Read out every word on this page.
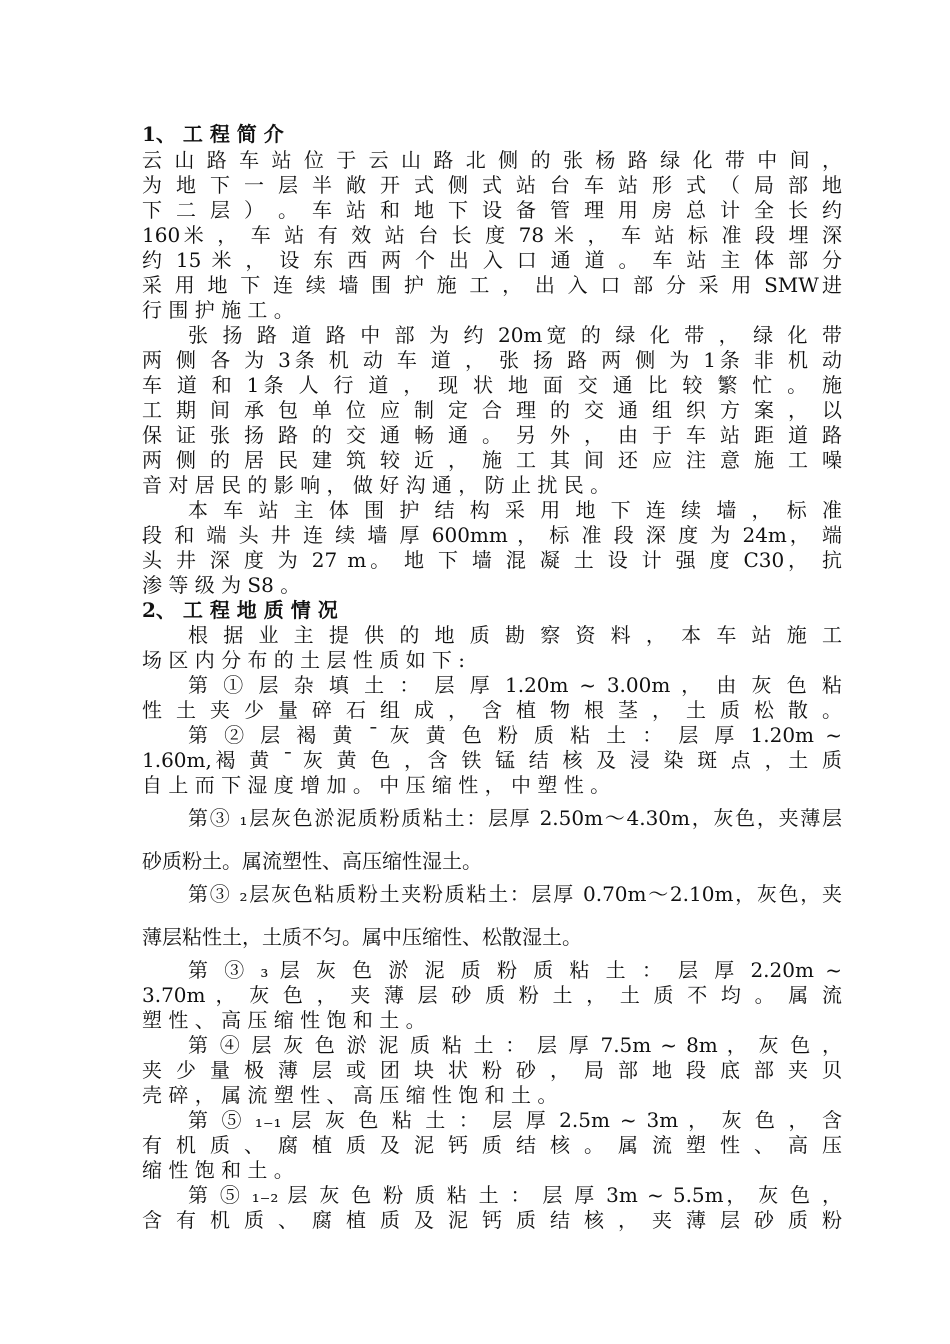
1、 工 程 简 介
云 山 路 车 站 位 于 云 山 路 北 侧 的 张 杨 路 绿 化 带 中 间 ，
为 地 下 一 层 半 敞 开 式 侧 式 站 台 车 站 形 式 （ 局 部 地
下 二 层 ） 。 车 站 和 地 下 设 备 管 理 用 房 总 计 全 长 约
160米 ， 车 站 有 效 站 台 长 度 78 米 ， 车 站 标 准 段 埋 深
约 15 米 ， 设 东 西 两 个 出 入 口 通 道 。 车 站 主 体 部 分
采 用 地 下 连 续 墙 围 护 施 工 ， 出 入 口 部 分 采 用 SMW进
行 围 护 施 工 。
张 扬 路 道 路 中 部 为 约 20m宽 的 绿 化 带 ， 绿 化 带
两 侧 各 为 3条 机 动 车 道 ， 张 扬 路 两 侧 为 1条 非 机 动
车 道 和 1条 人 行 道 ， 现 状 地 面 交 通 比 较 繁 忙 。 施
工 期 间 承 包 单 位 应 制 定 合 理 的 交 通 组 织 方 案 ， 以
保 证 张 扬 路 的 交 通 畅 通 。 另 外 ， 由 于 车 站 距 道 路
两 侧 的 居 民 建 筑 较 近 ， 施 工 其 间 还 应 注 意 施 工 噪
音 对 居 民 的 影 响 ， 做 好 沟 通 ， 防 止 扰 民 。
本 车 站 主 体 围 护 结 构 采 用 地 下 连 续 墙 ， 标 准
段 和 端 头 井 连 续 墙 厚 600mm ， 标 准 段 深 度 为 24m， 端
头 井 深 度 为 27 m。 地 下 墙 混 凝 土 设 计 强 度 C30， 抗
渗 等 级 为 S8 。
2、 工 程 地 质 情 况
根 据 业 主 提 供 的 地 质 勘 察 资 料 ， 本 车 站 施 工
场 区 内 分 布 的 土 层 性 质 如 下 :
第 ① 层 杂 填 土 ： 层 厚 1.20m ~ 3.00m ， 由 灰 色 粘
性 土 夹 少 量 碎 石 组 成 ， 含 植 物 根 茎 ， 土 质 松 散 。
第 ② 层 褐 黄 ¯ 灰 黄 色 粉 质 粘 土 ： 层 厚 1.20m ~
1.60m,褐 黄 ¯ 灰 黄 色 ，含 铁 锰 结 核 及 浸 染 斑 点 ，土 质
自 上 而 下 湿 度 增 加 。 中 压 缩 性 ， 中 塑 性 。
第③ ₁层灰色淤泥质粉质粘土：层厚 2.50m～4.30m，灰色，夹薄层
砂质粉土。属流塑性、高压缩性湿土。
第③ ₂层灰色粘质粉土夹粉质粘土：层厚 0.70m～2.10m，灰色，夹
薄层粘性土，土质不匀。属中压缩性、松散湿土。
第 ③ ₃ 层 灰 色 淤 泥 质 粉 质 粘 土 ： 层 厚 2.20m ~
3.70m ， 灰 色 ， 夹 薄 层 砂 质 粉 土 ， 土 质 不 均 。 属 流
塑 性 、 高 压 缩 性 饱 和 土 。
第 ④ 层 灰 色 淤 泥 质 粘 土 ： 层 厚 7.5m ~ 8m ， 灰 色 ，
夹 少 量 极 薄 层 或 团 块 状 粉 砂 ， 局 部 地 段 底 部 夹 贝
壳 碎 ， 属 流 塑 性 、 高 压 缩 性 饱 和 土 。
第 ⑤ ₁₋₁ 层 灰 色 粘 土 ： 层 厚 2.5m ~ 3m ， 灰 色 ， 含
有 机 质 、 腐 植 质 及 泥 钙 质 结 核 。 属 流 塑 性 、 高 压
缩 性 饱 和 土 。
第 ⑤ ₁₋₂ 层 灰 色 粉 质 粘 土 ： 层 厚 3m ~ 5.5m， 灰 色 ，
含 有 机 质 、 腐 植 质 及 泥 钙 质 结 核 ， 夹 薄 层 砂 质 粉
